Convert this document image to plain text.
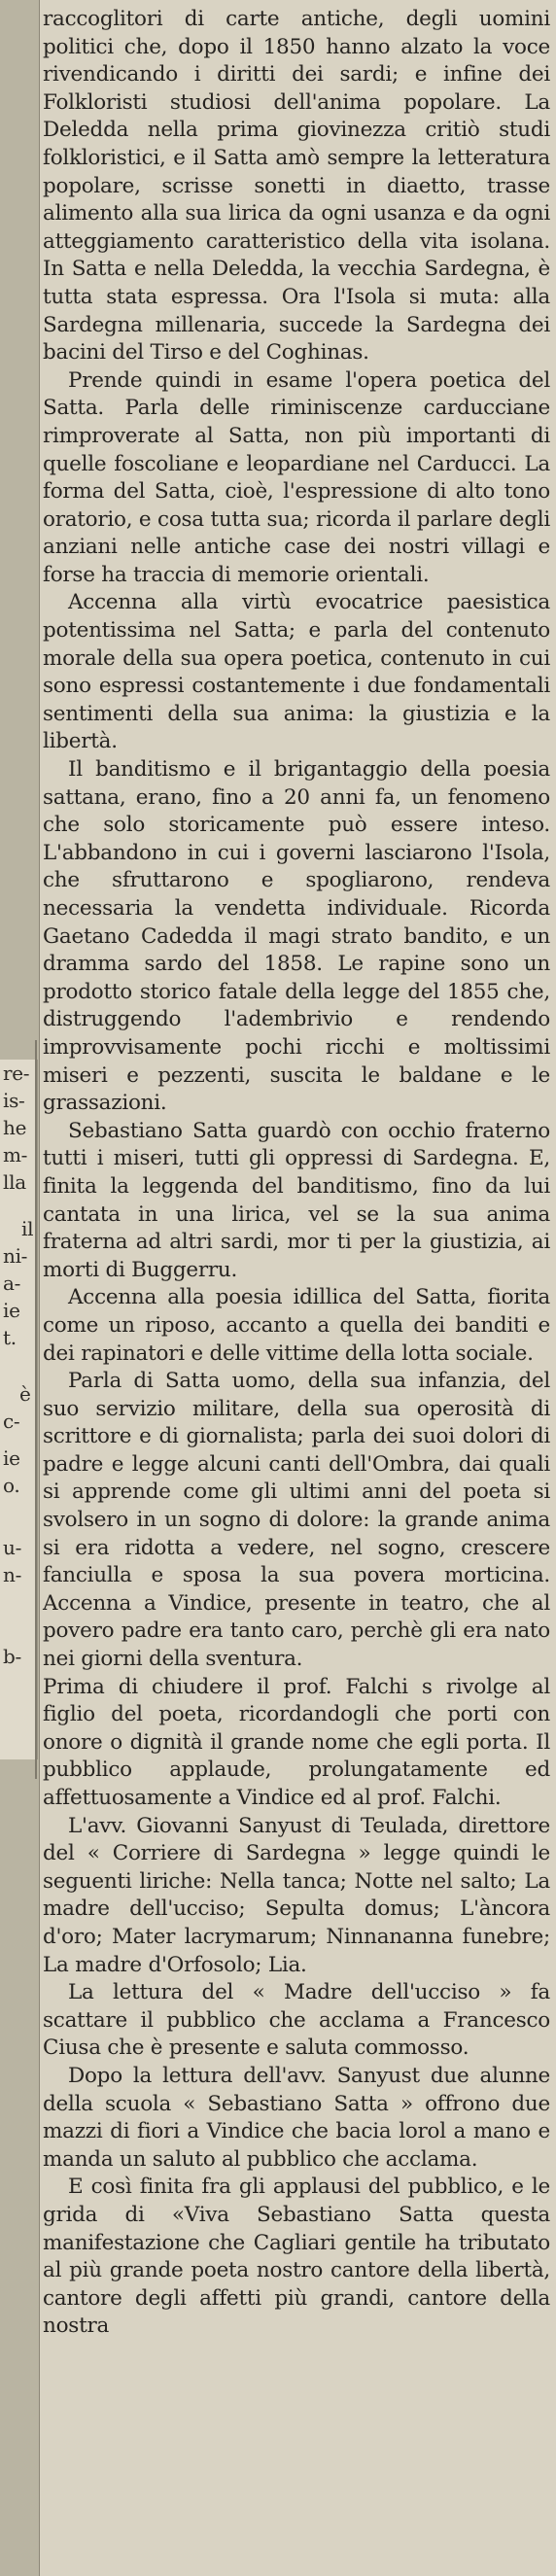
raccoglitori di carte antiche, degli uomini politici che, dopo il 1850 hanno alzato la voce rivendicando i diritti dei sardi; e infine dei Folkloristi studiosi dell'anima popolare. La Deledda nella prima giovinezza critiò studi folkloristici, e il Satta amò sempre la letteratura popolare, scrisse sonetti in diaetto, trasse alimento alla sua lirica da ogni usanza e da ogni atteggiamento caratteristico della vita isolana. In Satta e nella Deledda, la vecchia Sardegna, è tutta stata espressa. Ora l'Isola si muta: alla Sardegna millenaria, succede la Sardegna dei bacini del Tirso e del Coghinas.

Prende quindi in esame l'opera poetica del Satta. Parla delle riminiscenze carducciane rimproverate al Satta, non più importanti di quelle foscoliane e leopardiane nel Carducci. La forma del Satta, cioè, l'espressione di alto tono oratorio, e cosa tutta sua; ricorda il parlare degli anziani nelle antiche case dei nostri villagi e forse ha traccia di memorie orientali.

Accenna alla virtù evocatrice paesistica potentissima nel Satta; e parla del contenuto morale della sua opera poetica, contenuto in cui sono espressi costantemente i due fondamentali sentimenti della sua anima: la giustizia e la libertà.

Il banditismo e il brigantaggio della poesia sattana, erano, fino a 20 anni fa, un fenomeno che solo storicamente può essere inteso. L'abbandono in cui i governi lasciarono l'Isola, che sfruttarono e spogliarono, rendeva necessaria la vendetta individuale. Ricorda Gaetano Cadedda il magi strato bandito, e un dramma sardo del 1858. Le rapine sono un prodotto storico fatale della legge del 1855 che, distruggendo l'adembrivio e rendendo improvvisamente pochi ricchi e moltissimi miseri e pezzenti, suscita le baldane e le grassazioni.

Sebastiano Satta guardò con occhio fraterno tutti i miseri, tutti gli oppressi di Sardegna. E, finita la leggenda del banditismo, fino da lui cantata in una lirica, vel se la sua anima fraterna ad altri sardi, mor ti per la giustizia, ai morti di Buggerru.

Accenna alla poesia idillica del Satta, fiorita come un riposo, accanto a quella dei banditi e dei rapinatori e delle vittime della lotta sociale.

Parla di Satta uomo, della sua infanzia, del suo servizio militare, della sua operosità di scrittore e di giornalista; parla dei suoi dolori di padre e legge alcuni canti dell'Ombra, dai quali si apprende come gli ultimi anni del poeta si svolsero in un sogno di dolore: la grande anima si era ridotta a vedere, nel sogno, crescere fanciulla e sposa la sua povera morticina. Accenna a Vindice, presente in teatro, che al povero padre era tanto caro, perchè gli era nato nei giorni della sventura.

Prima di chiudere il prof. Falchi s rivolge al figlio del poeta, ricordandogli che porti con onore o dignità il grande nome che egli porta. Il pubblico applaude, prolungatamente ed affettuosamente a Vindice ed al prof. Falchi.

L'avv. Giovanni Sanyust di Teulada, direttore del « Corriere di Sardegna » legge quindi le seguenti liriche: Nella tanca; Notte nel salto; La madre dell'ucciso; Sepulta domus; L'àncora d'oro; Mater lacrymarum; Ninnananna funebre; La madre d'Orfosolo; Lia.

La lettura del « Madre dell'ucciso » fa scattare il pubblico che acclama a Francesco Ciusa che è presente e saluta commosso.

Dopo la lettura dell'avv. Sanyust due alunne della scuola « Sebastiano Satta » offrono due mazzi di fiori a Vindice che bacia lorol a mano e manda un saluto al pubblico che acclama.

E così finita fra gli applausi del pubblico, e le grida di «Viva Sebastiano Satta questa manifestazione che Cagliari gentile ha tributato al più grande poeta nostro cantore della libertà, cantore degli affetti più grandi, cantore della nostra

re-
is-
he
m-
lla
il
ni-
a-
ie
t.
è
c-
ie
o.
u-
n-
b-
